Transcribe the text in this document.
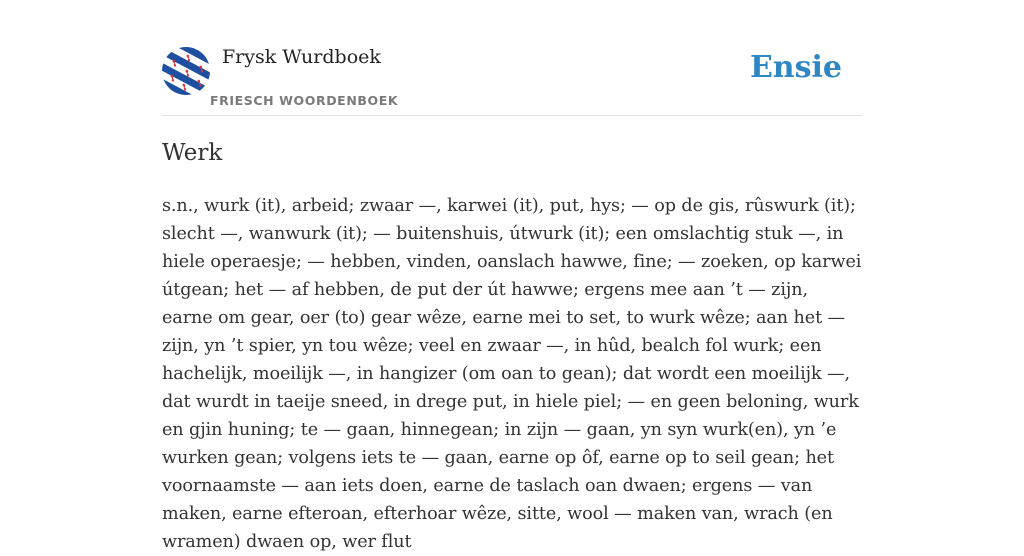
Frysk Wurdboek
FRIESCH WOORDENBOEK
Ensie
Werk

s.n., wurk (it), arbeid; zwaar —, karwei (it), put, hys; — op de gis, rûswurk (it); slecht —, wanwurk (it); — buitenshuis, útwurk (it); een omslachtig stuk —, in hiele operaesje; — hebben, vinden, oanslach hawwe, fine; — zoeken, op karwei útgean; het — af hebben, de put der út hawwe; ergens mee aan ’t — zijn, earne om gear, oer (to) gear wêze, earne mei to set, to wurk wêze; aan het — zijn, yn ’t spier, yn tou wêze; veel en zwaar —, in hûd, bealch fol wurk; een hachelijk, moeilijk —, in hangizer (om oan to gean); dat wordt een moeilijk —, dat wurdt in taeije sneed, in drege put, in hiele piel; — en geen beloning, wurk en gjin huning; te — gaan, hinnegean; in zijn — gaan, yn syn wurk(en), yn ’e wurken gean; volgens iets te — gaan, earne op ôf, earne op to seil gean; het voornaamste — aan iets doen, earne de taslach oan dwaen; ergens — van maken, earne efteroan, efterhoar wêze, sitte, wool — maken van, wrach (en wramen) dwaen op, wer flut
